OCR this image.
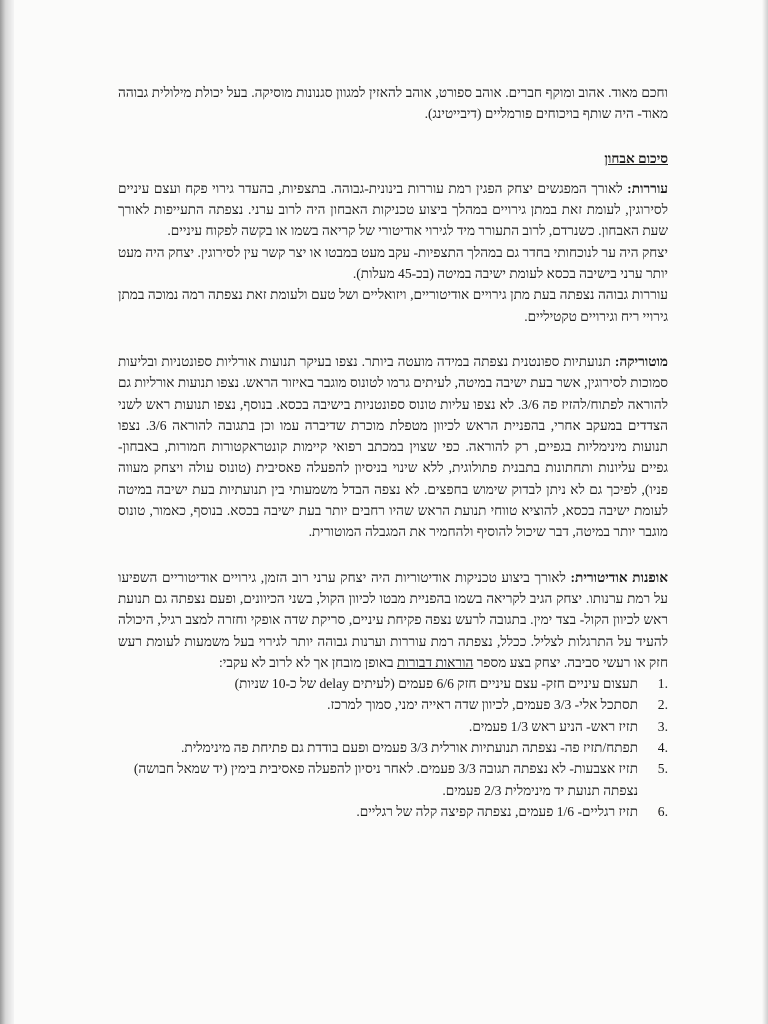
וחכם מאוד. אהוב ומוקף חברים. אוהב ספורט, אוהב להאזין למגוון סגנונות מוסיקה. בעל יכולת מילולית גבוהה מאוד- היה שותף בויכוחים פורמליים (דיבייטינג).

סיכום אבחון

עוררות: לאורך המפגשים יצחק הפגין רמת עוררות בינונית-גבוהה. בתצפיות, בהעדר גירוי פקח ועצם עיניים לסירוגין, לעומת זאת במתן גירויים במהלך ביצוע טכניקות האבחון היה לרוב ערני. נצפתה התעייפות לאורך שעת האבחון. כשנרדם, לרוב התעורר מיד לגירוי אודיטורי של קריאה בשמו או בקשה לפקוח עיניים.

יצחק היה ער לנוכחותי בחדר גם במהלך התצפיות- עקב מעט במבטו או יצר קשר עין לסירוגין. יצחק היה מעט יותר ערני בישיבה בכסא לעומת ישיבה במיטה (בכ-45 מעלות).

עוררות גבוהה נצפתה בעת מתן גירויים אודיטוריים, ויזואליים ושל טעם ולעומת זאת נצפתה רמה נמוכה במתן גירויי ריח וגירויים טקטיליים.

מוטוריקה: תנועתיות ספונטנית נצפתה במידה מועטה ביותר. נצפו בעיקר תנועות אורליות ספונטניות ובליעות סמוכות לסירוגין, אשר בעת ישיבה במיטה, לעיתים גרמו לטונוס מוגבר באיזור הראש. נצפו תנועות אורליות גם להוראה לפתוח/להזיז פה 3/6. לא נצפו עליות טונוס ספונטניות בישיבה בכסא. בנוסף, נצפו תנועות ראש לשני הצדדים במעקב אחרי, בהפניית הראש לכיוון מטפלת מוכרת שדיברה עמו וכן בתגובה להוראה 3/6. נצפו תנועות מינימליות בגפיים, רק להוראה. כפי שצוין במכתב רפואי קיימות קונטראקטורות חמורות, באבחון- גפיים עליונות ותחתונות בתבנית פתולוגית, ללא שינוי בניסיון להפעלה פאסיבית (טונוס עולה ויצחק מעווה פניו), לפיכך גם לא ניתן לבדוק שימוש בחפצים. לא נצפה הבדל משמעותי בין תנועתיות בעת ישיבה במיטה לעומת ישיבה בכסא, להוציא טווחי תנועת הראש שהיו רחבים יותר בעת ישיבה בכסא. בנוסף, כאמור, טונוס מוגבר יותר במיטה, דבר שיכול להוסיף ולהחמיר את המגבלה המוטורית.

אופנות אודיטורית: לאורך ביצוע טכניקות אודיטוריות היה יצחק ערני רוב הזמן, גירויים אודיטוריים השפיעו על רמת ערנותו. יצחק הגיב לקריאה בשמו בהפניית מבטו לכיוון הקול, בשני הכיוונים, ופעם נצפתה גם תנועת ראש לכיוון הקול- בצד ימין. בתגובה לרעש נצפה פקיחת עיניים, סריקת שדה אופקי וחזרה למצב רגיל, היכולה להעיד על התרגלות לצליל. ככלל, נצפתה רמת עוררות וערנות גבוהה יותר לגירוי בעל משמעות לעומת רעש חזק או רעשי סביבה. יצחק בצע מספר הוראות דבורות באופן מובחן אך לא לרוב לא עקבי:

.1
תעצום עיניים חזק- עצם עיניים חזק 6/6 פעמים (לעיתים delay של כ-10 שניות)
.2
תסתכל אלי- 3/3 פעמים, לכיוון שדה ראייה ימני, סמוך למרכז.
.3
תזיז ראש- הניע ראש 1/3 פעמים.
.4
תפתח/תזיז פה- נצפתה תנועתיות אורלית 3/3 פעמים ופעם בודדת גם פתיחת פה מינימלית.
.5
תזיז אצבעות- לא נצפתה תגובה 3/3 פעמים. לאחר ניסיון להפעלה פאסיבית בימין (יד שמאל חבושה) נצפתה תנועת יד מינימלית 2/3 פעמים.
.6
תזיז רגליים- 1/6 פעמים, נצפתה קפיצה קלה של רגליים.
